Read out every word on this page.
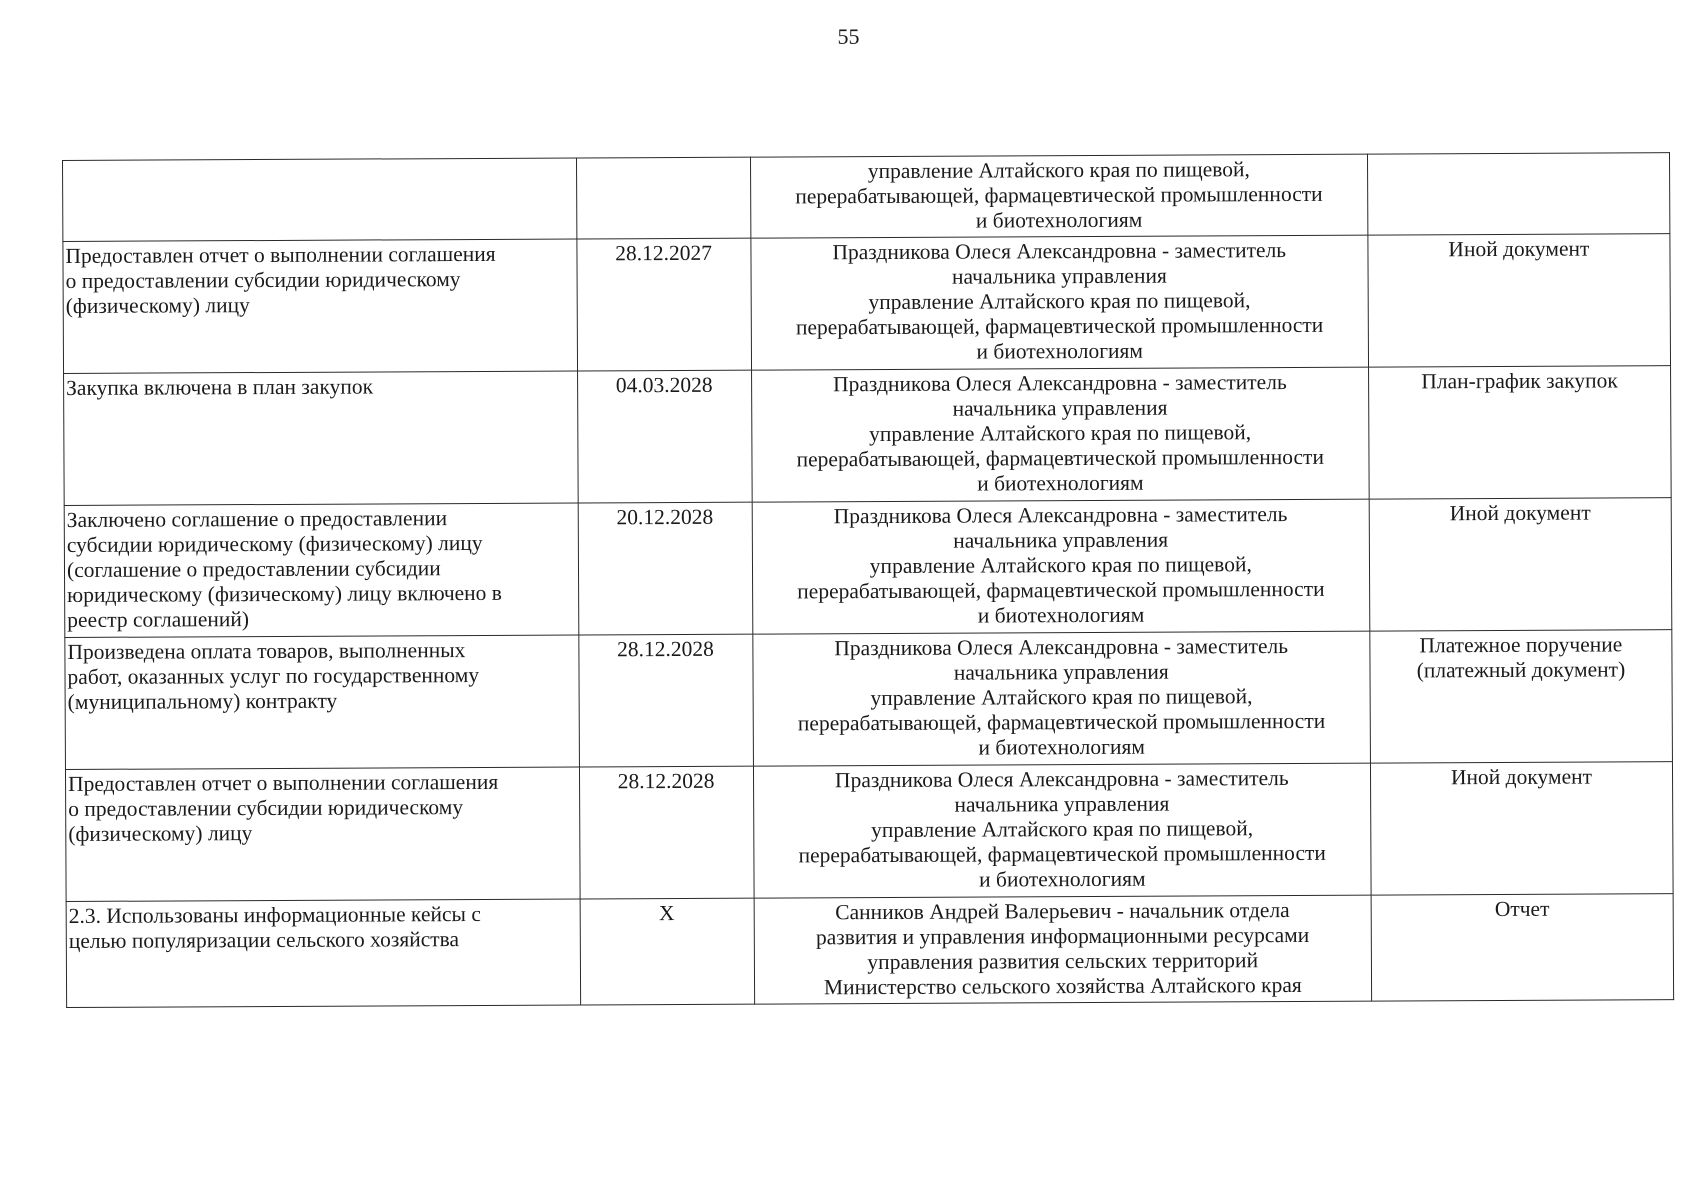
55

		управление Алтайского края по пищевой,
перерабатывающей, фармацевтической промышленности
и биотехнологиям	

Предоставлен отчет о выполнении соглашения
о предоставлении субсидии юридическому
(физическому) лицу	28.12.2027	Праздникова Олеся Александровна - заместитель
начальника управления
управление Алтайского края по пищевой,
перерабатывающей, фармацевтической промышленности
и биотехнологиям	Иной документ

Закупка включена в план закупок	04.03.2028	Праздникова Олеся Александровна - заместитель
начальника управления
управление Алтайского края по пищевой,
перерабатывающей, фармацевтической промышленности
и биотехнологиям	План-график закупок

Заключено соглашение о предоставлении
субсидии юридическому (физическому) лицу
(соглашение о предоставлении субсидии
юридическому (физическому) лицу включено в
реестр соглашений)	20.12.2028	Праздникова Олеся Александровна - заместитель
начальника управления
управление Алтайского края по пищевой,
перерабатывающей, фармацевтической промышленности
и биотехнологиям	Иной документ

Произведена оплата товаров, выполненных
работ, оказанных услуг по государственному
(муниципальному) контракту	28.12.2028	Праздникова Олеся Александровна - заместитель
начальника управления
управление Алтайского края по пищевой,
перерабатывающей, фармацевтической промышленности
и биотехнологиям	Платежное поручение
(платежный документ)

Предоставлен отчет о выполнении соглашения
о предоставлении субсидии юридическому
(физическому) лицу	28.12.2028	Праздникова Олеся Александровна - заместитель
начальника управления
управление Алтайского края по пищевой,
перерабатывающей, фармацевтической промышленности
и биотехнологиям	Иной документ

2.3. Использованы информационные кейсы с
целью популяризации сельского хозяйства	X	Санников Андрей Валерьевич - начальник отдела
развития и управления информационными ресурсами
управления развития сельских территорий
Министерство сельского хозяйства Алтайского края	Отчет
